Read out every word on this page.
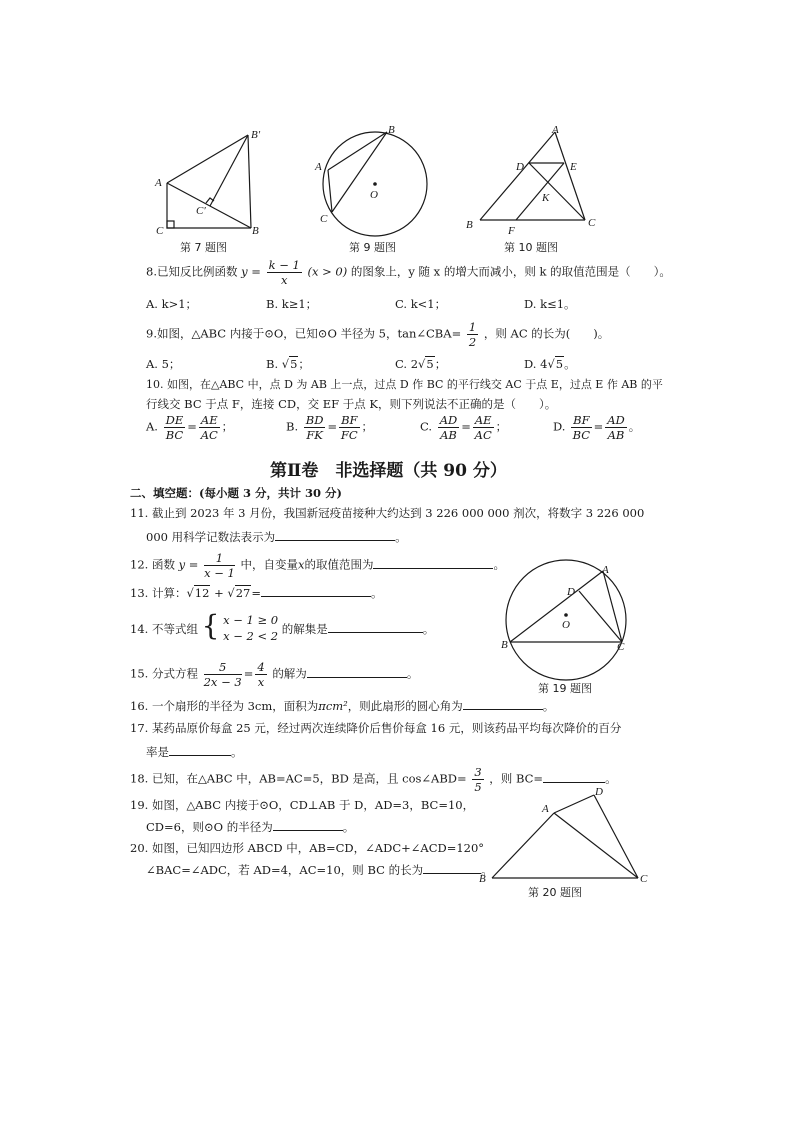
B′
A
C′
C	B
第 7 题图
B
A
O
C
第 9 题图
A
D	E
K
B	F
C
第 10 题图
8.已知反比例函数 $y = \frac{k - 1}{x} (x > 0)$ 的图象上，y 随 x 的增大而减小，则 k 的取值范围是（　　）。
A. k>1；	B. k≥1；	C. k<1；	D. k≤1。
9.如图，△ABC 内接于⊙O，已知⊙O 半径为 5，tan∠CBA= $\frac{1}{2}$ ，则 AC 的长为(　　)。
A. 5；	B. √5；	C. 2√5；	D. 4√5。
10. 如图，在△ABC 中，点 D 为 AB 上一点，过点 D 作 BC 的平行线交 AC 于点 E，过点 E 作 AB 的平
行线交 BC 于点 F，连接 CD，交 EF 于点 K，则下列说法不正确的是（　　）。
A. $\frac{DE}{BC} = \frac{AE}{AC}$ ；	B. $\frac{BD}{FK} = \frac{BF}{FC}$ ；	C. $\frac{AD}{AB} = \frac{AE}{AC}$ ；	D. $\frac{BF}{BC} = \frac{AD}{AB}$ 。
第Ⅱ卷　非选择题（共 90 分）
二、填空题：(每小题 3 分，共计 30 分)
11. 截止到 2023 年 3 月份，我国新冠疫苗接种大约达到 3 226 000 000 剂次，将数字 3 226 000
000 用科学记数法表示为	。
12. 函数 $y = \frac{1}{x - 1}$ 中，自变量x的取值范围为	。
13. 计算：√12 + √27=	。
14. 不等式组 { x − 1 ≥ 0
x − 2 < 2 的解集是	。
15. 分式方程 $\frac{5}{2x - 3} = \frac{4}{x}$ 的解为	。
16. 一个扇形的半径为 3cm，面积为πcm²，则此扇形的圆心角为	。
17. 某药品原价每盒 25 元，经过两次连续降价后售价每盒 16 元，则该药品平均每次降价的百分
率是	。
18. 已知，在△ABC 中，AB=AC=5，BD 是高，且 cos∠ABD= $\frac{3}{5}$ ，则 BC=	。
19. 如图，△ABC 内接于⊙O，CD⊥AB 于 D，AD=3，BC=10，
CD=6，则⊙O 的半径为	。
20. 如图，已知四边形 ABCD 中，AB=CD，∠ADC+∠ACD=120°
∠BAC=∠ADC，若 AD=4，AC=10，则 BC 的长为	。
A
D
O
B	C
第 19 题图
A
D
B	C
第 20 题图
